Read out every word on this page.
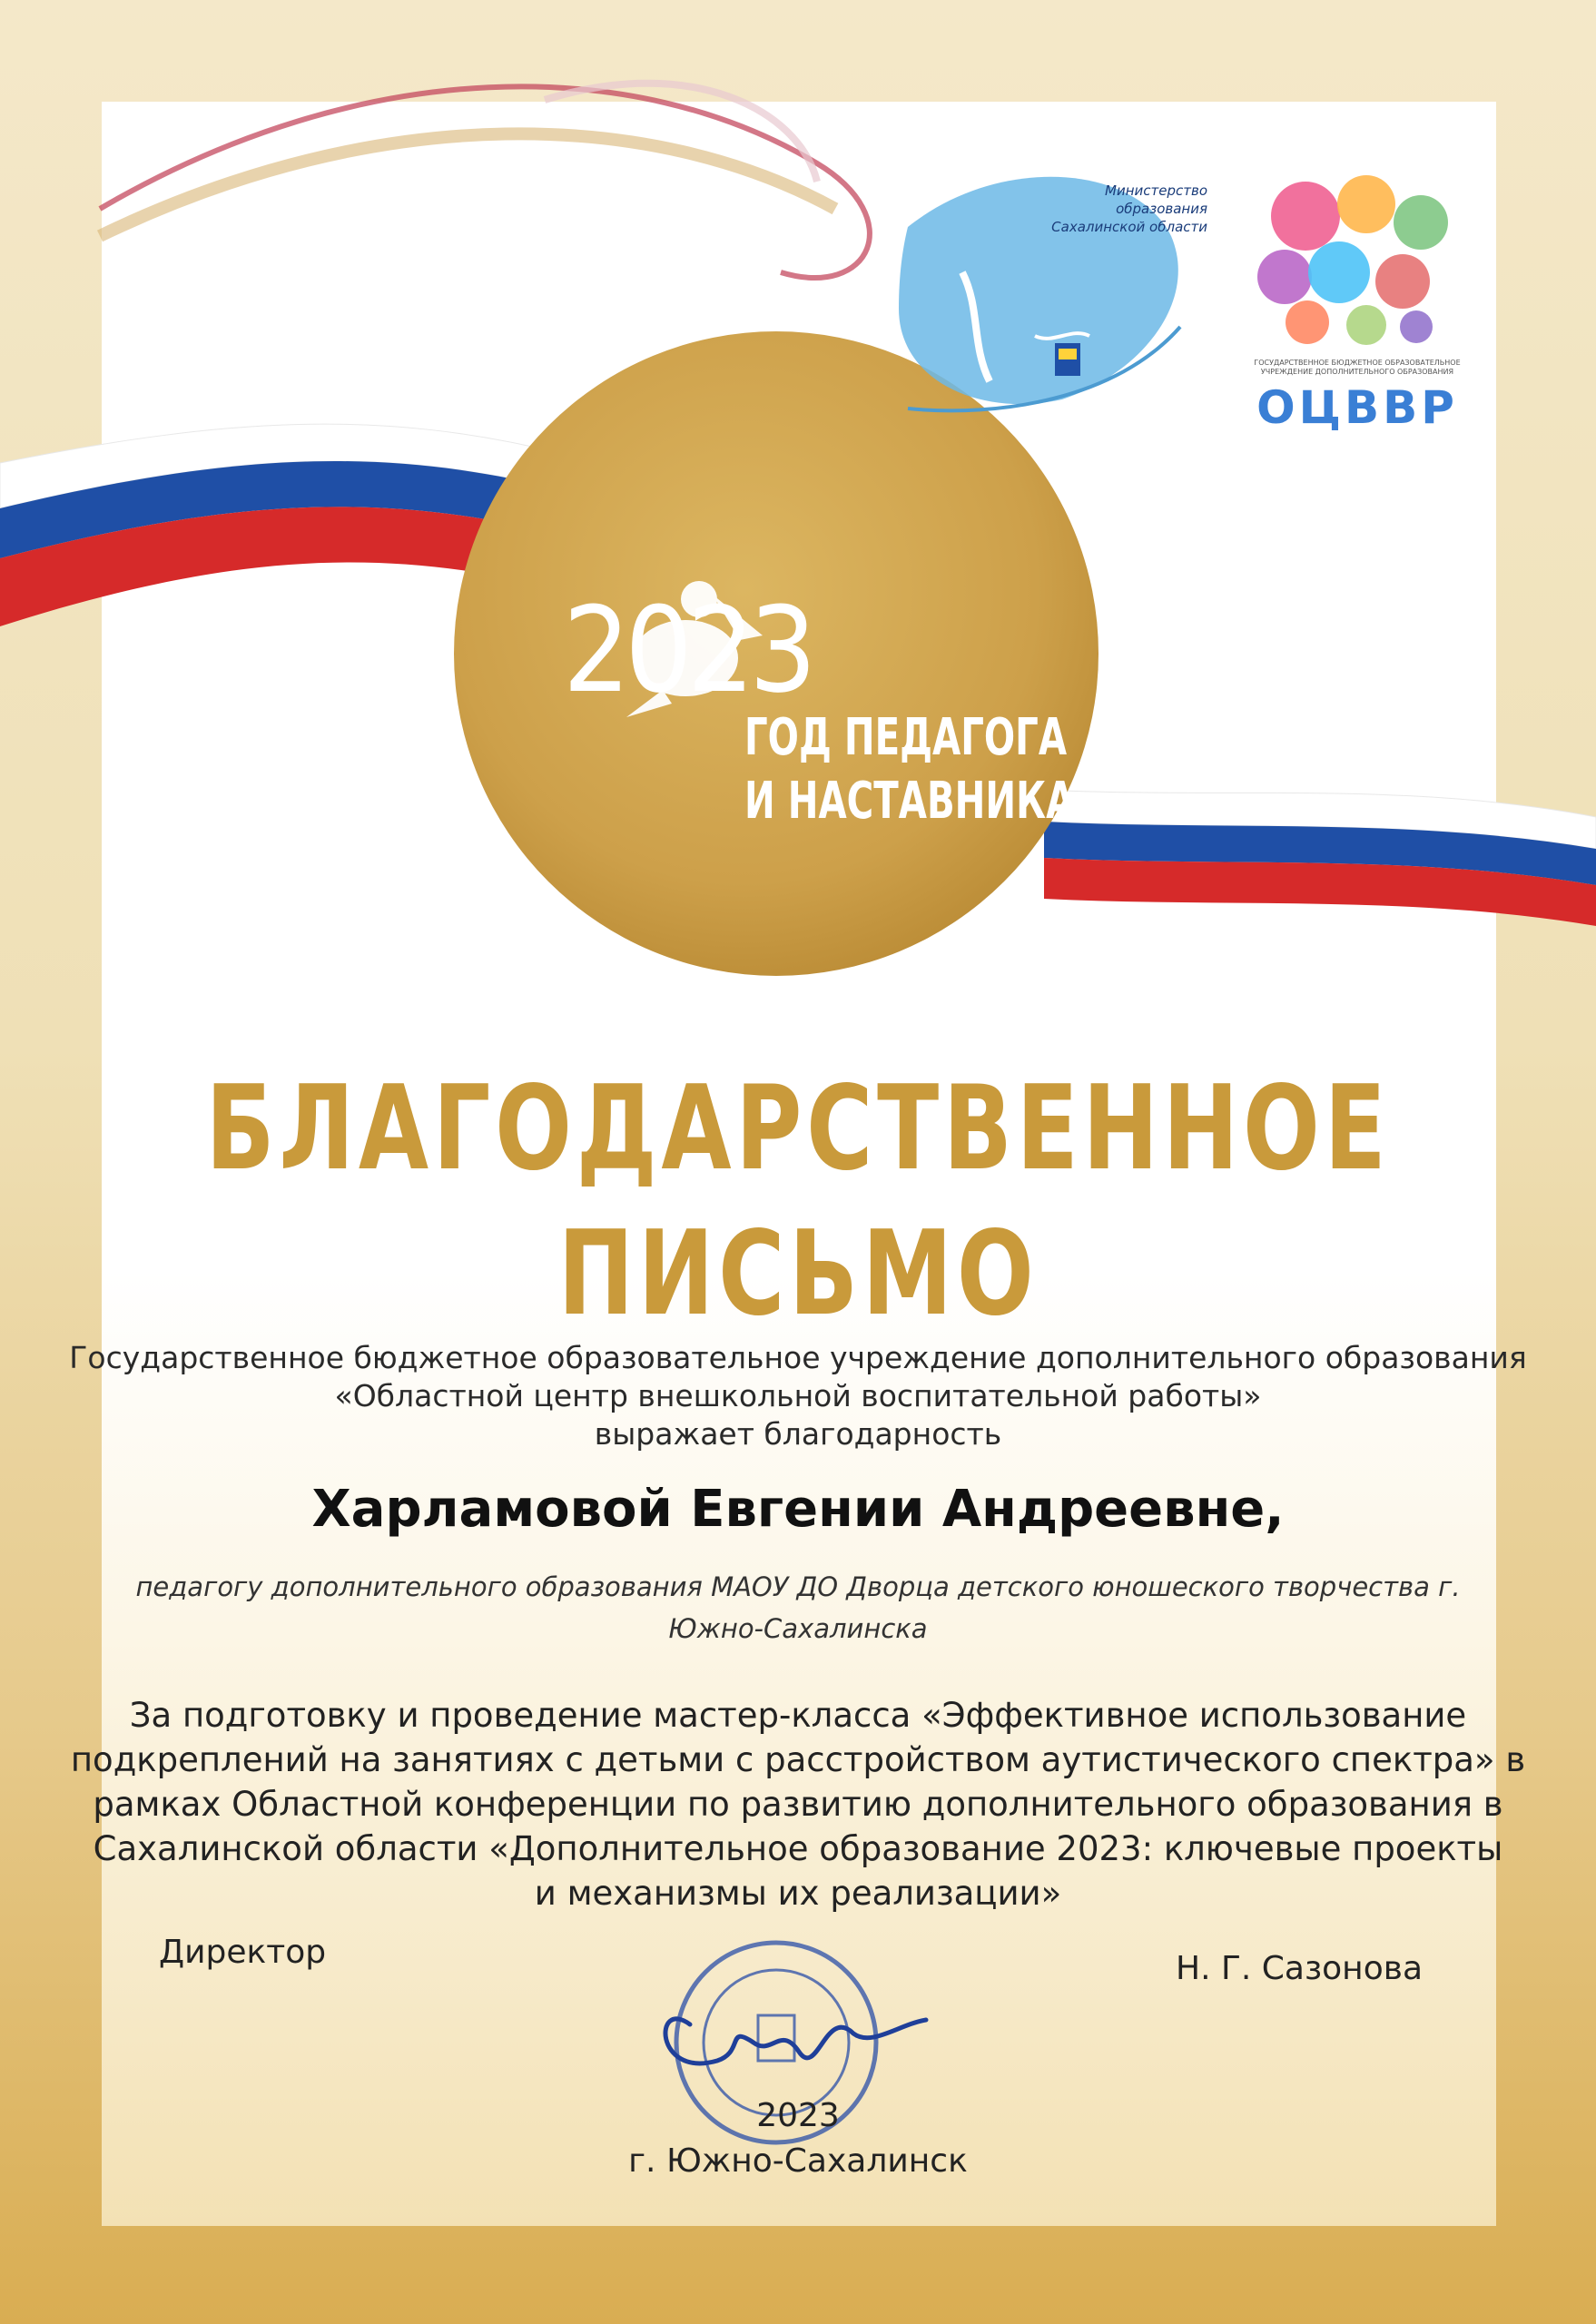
2023
ГОД ПЕДАГОГА
И НАСТАВНИКА
Министерство
образования
Сахалинской области
ГОСУДАРСТВЕННОЕ БЮДЖЕТНОЕ ОБРАЗОВАТЕЛЬНОЕ
УЧРЕЖДЕНИЕ ДОПОЛНИТЕЛЬНОГО ОБРАЗОВАНИЯ
ОЦВВР
БЛАГОДАРСТВЕННОЕ
ПИСЬМО
Государственное бюджетное образовательное учреждение дополнительного образования
«Областной центр внешкольной воспитательной работы»
выражает благодарность
Харламовой Евгении Андреевне,
педагогу дополнительного образования МАОУ ДО Дворца детского юношеского творчества г.
Южно-Сахалинска
За подготовку и проведение мастер-класса «Эффективное использование
подкреплений на занятиях с детьми с расстройством аутистического спектра» в
рамках Областной конференции по развитию дополнительного образования в
Сахалинской области «Дополнительное образование 2023: ключевые проекты
и механизмы их реализации»
Директор	Н. Г. Сазонова
2023
г. Южно-Сахалинск
